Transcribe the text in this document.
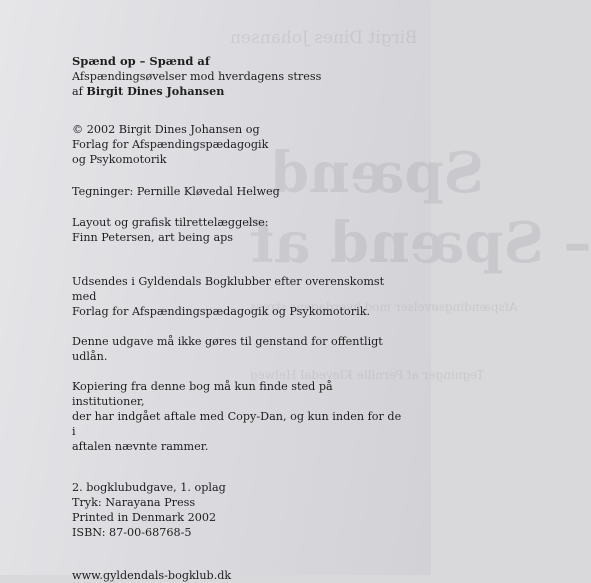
Birgit Dines Johansen
Spænd
– Spænd af
Afspændingsøvelser mod hverdagens stress
Tegninger af Pernille Kløvedal Helweg

Spænd op – Spænd af

Afspændingsøvelser mod hverdagens stress

af Birgit Dines Johansen

© 2002 Birgit Dines Johansen og

Forlag for Afspændingspædagogik

og Psykomotorik

Tegninger: Pernille Kløvedal Helweg

Layout og grafisk tilrettelæggelse:

Finn Petersen, art being aps

Udsendes i Gyldendals Bogklubber efter overenskomst med

Forlag for Afspændingspædagogik og Psykomotorik.

Denne udgave må ikke gøres til genstand for offentligt udlån.

Kopiering fra denne bog må kun finde sted på institutioner,

der har indgået aftale med Copy-Dan, og kun inden for de i

aftalen nævnte rammer.

2. bogklubudgave, 1. oplag

Tryk: Narayana Press

Printed in Denmark 2002

ISBN: 87-00-68768-5

www.gyldendals-bogklub.dk
